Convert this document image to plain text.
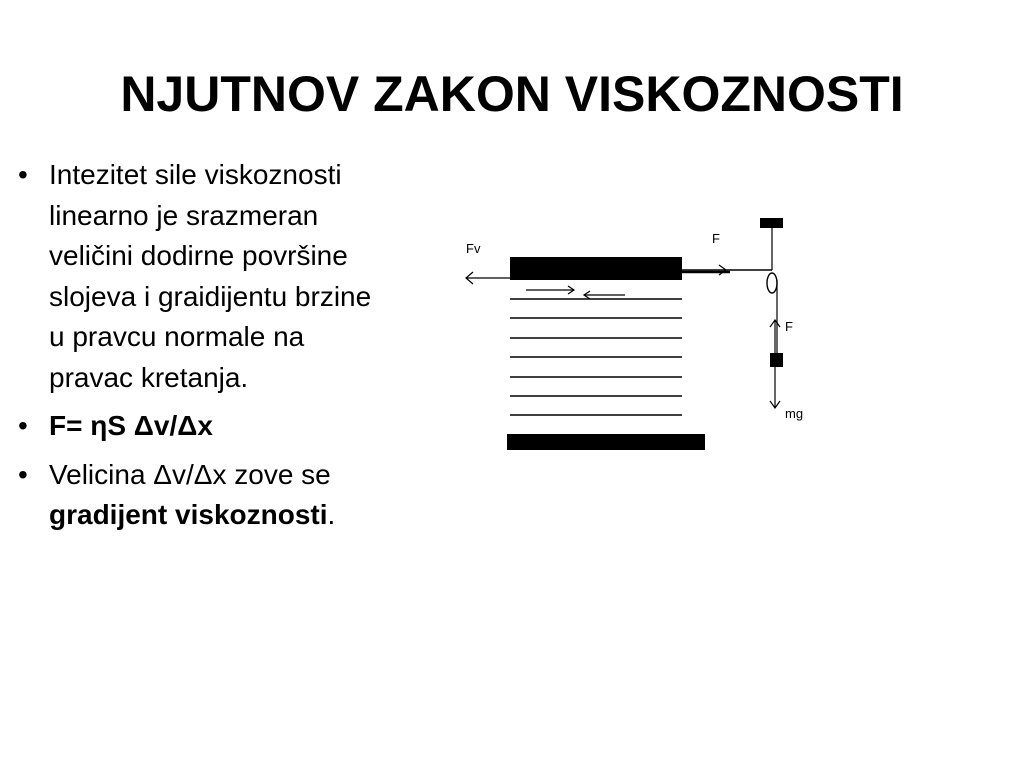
NJUTNOV ZAKON VISKOZNOSTI
• Intezitet sile viskoznosti linearno je srazmeran veličini dodirne površine slojeva i graidijentu brzine u pravcu normale na pravac kretanja.
• F= ηS Δv/Δx
• Velicina Δv/Δx zove se gradijent viskoznosti.
Fv
F
F
mg
